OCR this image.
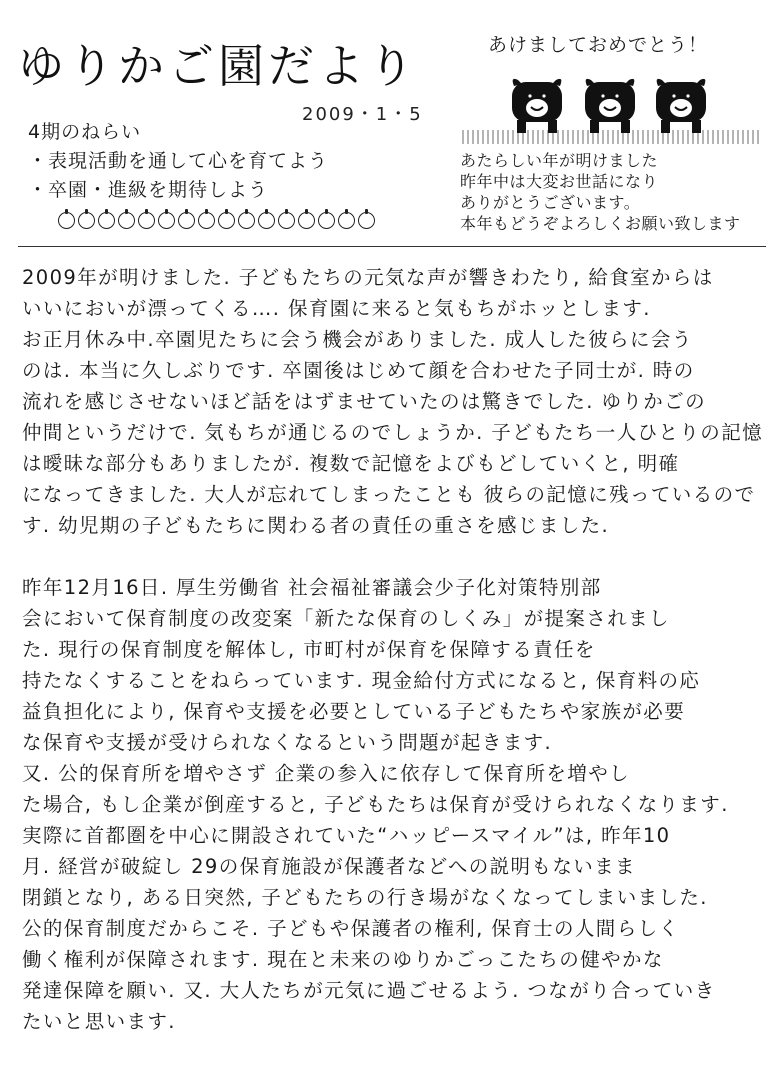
ゆりかご園だより
2009・1・5
4期のねらい
・表現活動を通して心を育てよう
・卒園・進級を期待しよう
あけましておめでとう！
あたらしい年が明けました
昨年中は大変お世話になり
ありがとうございます。
本年もどうぞよろしくお願い致します
2009年が明けました. 子どもたちの元気な声が響きわたり, 給食室からは
いいにおいが漂ってくる…. 保育園に来ると気もちがホッとします.
お正月休み中.卒園児たちに会う機会がありました. 成人した彼らに会う
のは. 本当に久しぶりです. 卒園後はじめて顔を合わせた子同士が. 時の
流れを感じさせないほど話をはずませていたのは驚きでした. ゆりかごの
仲間というだけで. 気もちが通じるのでしょうか. 子どもたち一人ひとりの記憶
は曖昧な部分もありましたが. 複数で記憶をよびもどしていくと, 明確
になってきました. 大人が忘れてしまったことも 彼らの記憶に残っているので
す. 幼児期の子どもたちに関わる者の責任の重さを感じました.
昨年12月16日. 厚生労働省 社会福祉審議会少子化対策特別部
会において保育制度の改変案「新たな保育のしくみ」が提案されまし
た. 現行の保育制度を解体し, 市町村が保育を保障する責任を
持たなくすることをねらっています. 現金給付方式になると, 保育料の応
益負担化により, 保育や支援を必要としている子どもたちや家族が必要
な保育や支援が受けられなくなるという問題が起きます.
又. 公的保育所を増やさず 企業の参入に依存して保育所を増やし
た場合, もし企業が倒産すると, 子どもたちは保育が受けられなくなります.
実際に首都圏を中心に開設されていた“ハッピースマイル”は, 昨年10
月. 経営が破綻し 29の保育施設が保護者などへの説明もないまま
閉鎖となり, ある日突然, 子どもたちの行き場がなくなってしまいました.
公的保育制度だからこそ. 子どもや保護者の権利, 保育士の人間らしく
働く権利が保障されます. 現在と未来のゆりかごっこたちの健やかな
発達保障を願い. 又. 大人たちが元気に過ごせるよう. つながり合っていき
たいと思います.
